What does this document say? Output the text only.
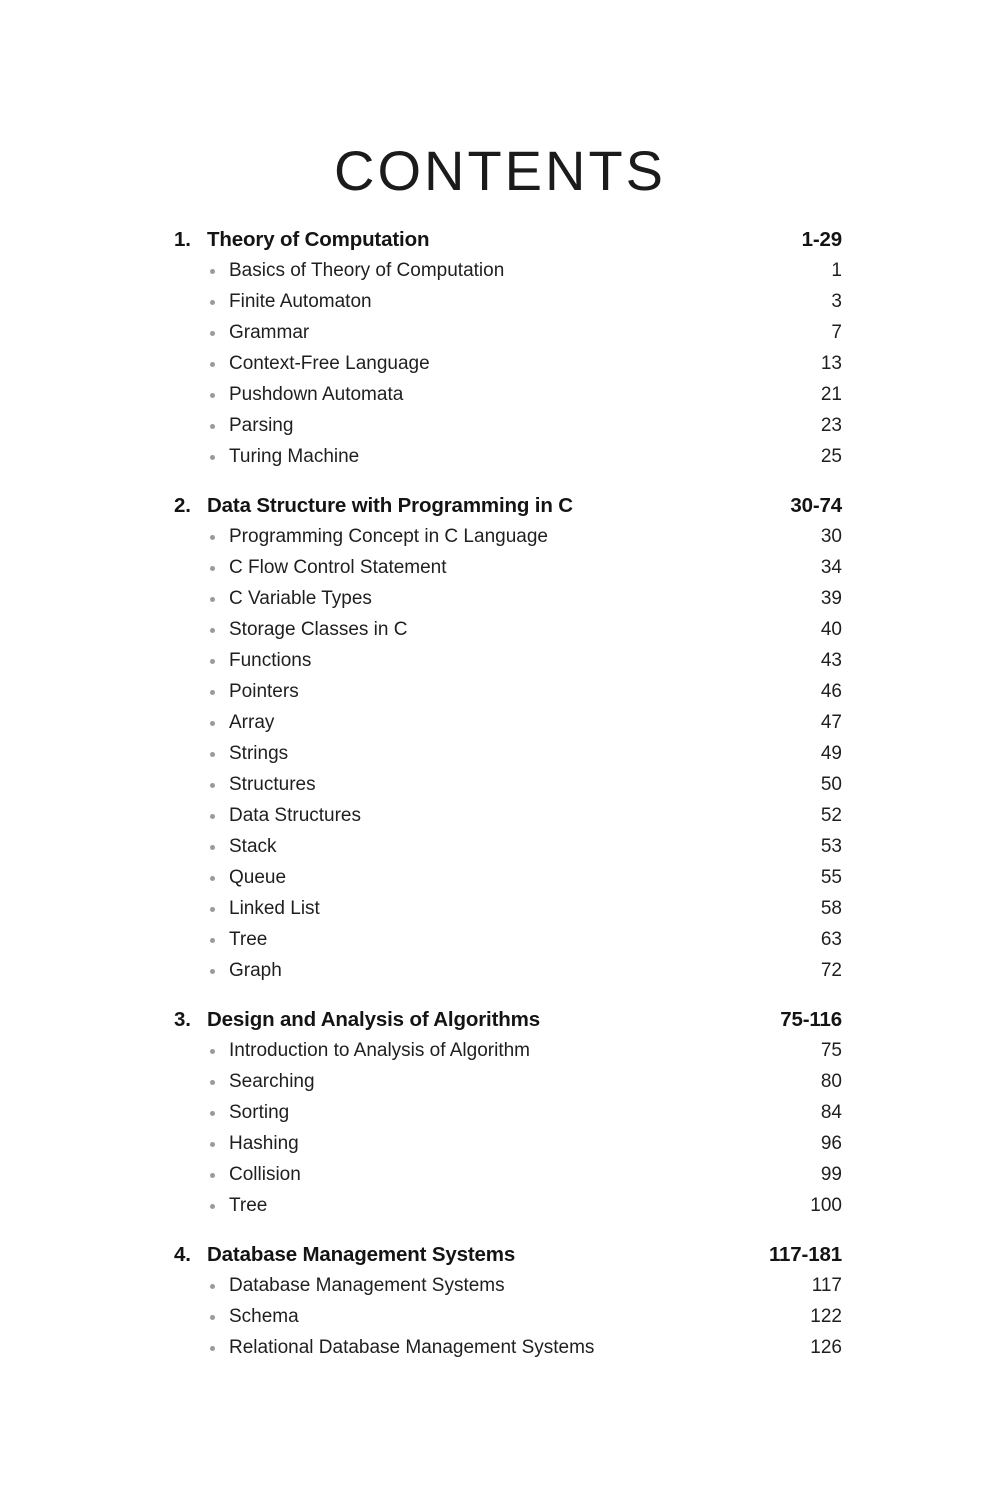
CONTENTS
1. Theory of Computation	1-29
Basics of Theory of Computation	1
Finite Automaton	3
Grammar	7
Context-Free Language	13
Pushdown Automata	21
Parsing	23
Turing Machine	25
2. Data Structure with Programming in C	30-74
Programming Concept in C Language	30
C Flow Control Statement	34
C Variable Types	39
Storage Classes in C	40
Functions	43
Pointers	46
Array	47
Strings	49
Structures	50
Data Structures	52
Stack	53
Queue	55
Linked List	58
Tree	63
Graph	72
3. Design and Analysis of Algorithms	75-116
Introduction to Analysis of Algorithm	75
Searching	80
Sorting	84
Hashing	96
Collision	99
Tree	100
4. Database Management Systems	117-181
Database Management Systems	117
Schema	122
Relational Database Management Systems	126
